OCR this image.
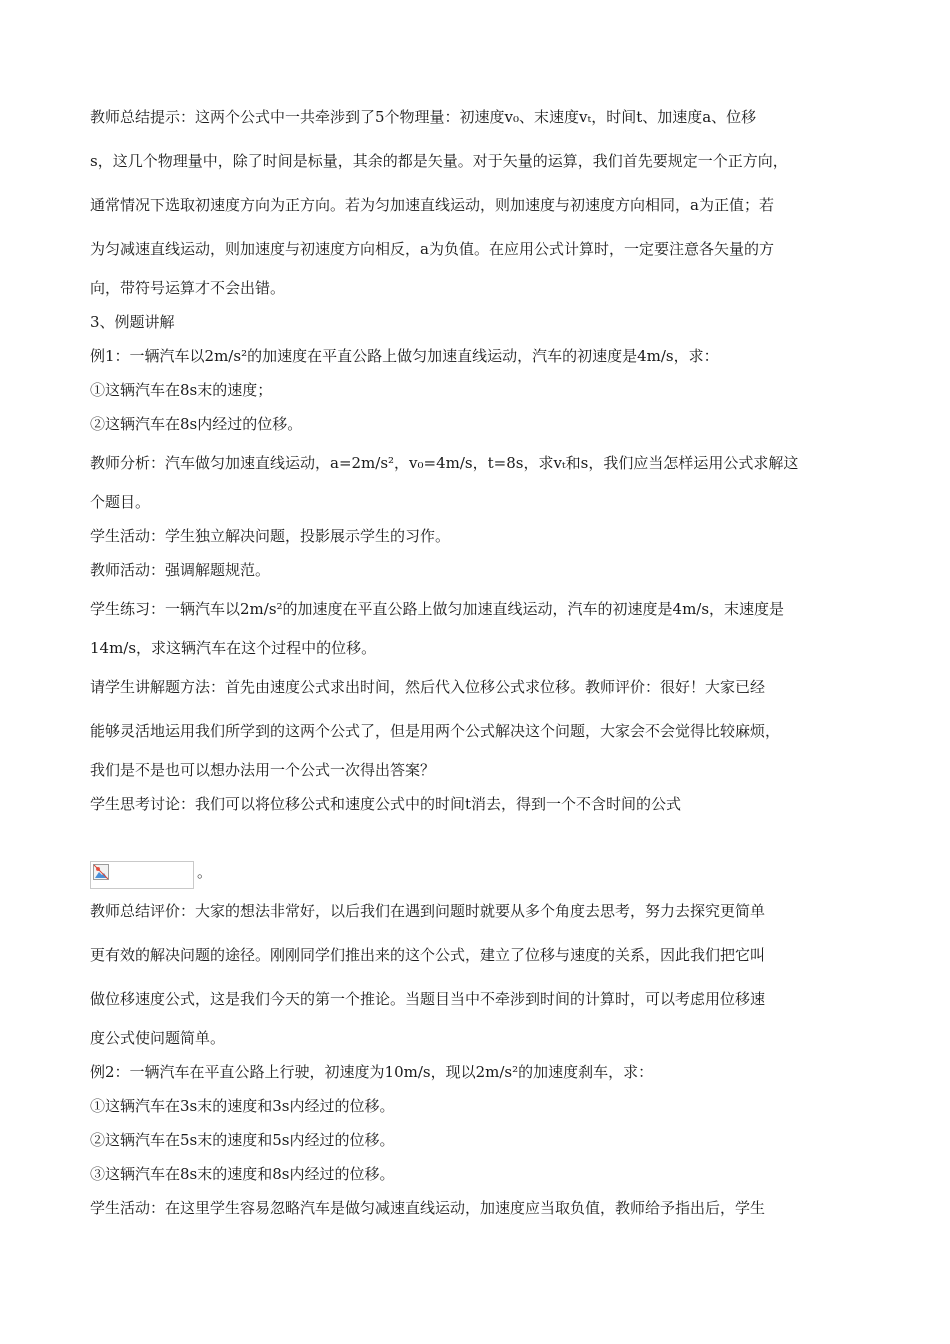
教师总结提示：这两个公式中一共牵涉到了5个物理量：初速度v₀、末速度vₜ，时间t、加速度a、位移

s，这几个物理量中，除了时间是标量，其余的都是矢量。对于矢量的运算，我们首先要规定一个正方向，

通常情况下选取初速度方向为正方向。若为匀加速直线运动，则加速度与初速度方向相同，a为正值；若

为匀减速直线运动，则加速度与初速度方向相反，a为负值。在应用公式计算时，一定要注意各矢量的方

向，带符号运算才不会出错。

3、例题讲解

例1：一辆汽车以2m/s²的加速度在平直公路上做匀加速直线运动，汽车的初速度是4m/s，求：

①这辆汽车在8s末的速度；

②这辆汽车在8s内经过的位移。

教师分析：汽车做匀加速直线运动，a=2m/s²，v₀=4m/s，t=8s，求vₜ和s，我们应当怎样运用公式求解这

个题目。

学生活动：学生独立解决问题，投影展示学生的习作。

教师活动：强调解题规范。

学生练习：一辆汽车以2m/s²的加速度在平直公路上做匀加速直线运动，汽车的初速度是4m/s，末速度是

14m/s，求这辆汽车在这个过程中的位移。

请学生讲解题方法：首先由速度公式求出时间，然后代入位移公式求位移。教师评价：很好！大家已经

能够灵活地运用我们所学到的这两个公式了，但是用两个公式解决这个问题，大家会不会觉得比较麻烦，

我们是不是也可以想办法用一个公式一次得出答案？

学生思考讨论：我们可以将位移公式和速度公式中的时间t消去，得到一个不含时间的公式

。

教师总结评价：大家的想法非常好，以后我们在遇到问题时就要从多个角度去思考，努力去探究更简单

更有效的解决问题的途径。刚刚同学们推出来的这个公式，建立了位移与速度的关系，因此我们把它叫

做位移速度公式，这是我们今天的第一个推论。当题目当中不牵涉到时间的计算时，可以考虑用位移速

度公式使问题简单。

例2：一辆汽车在平直公路上行驶，初速度为10m/s，现以2m/s²的加速度刹车，求：

①这辆汽车在3s末的速度和3s内经过的位移。

②这辆汽车在5s末的速度和5s内经过的位移。

③这辆汽车在8s末的速度和8s内经过的位移。

学生活动：在这里学生容易忽略汽车是做匀减速直线运动，加速度应当取负值，教师给予指出后，学生
